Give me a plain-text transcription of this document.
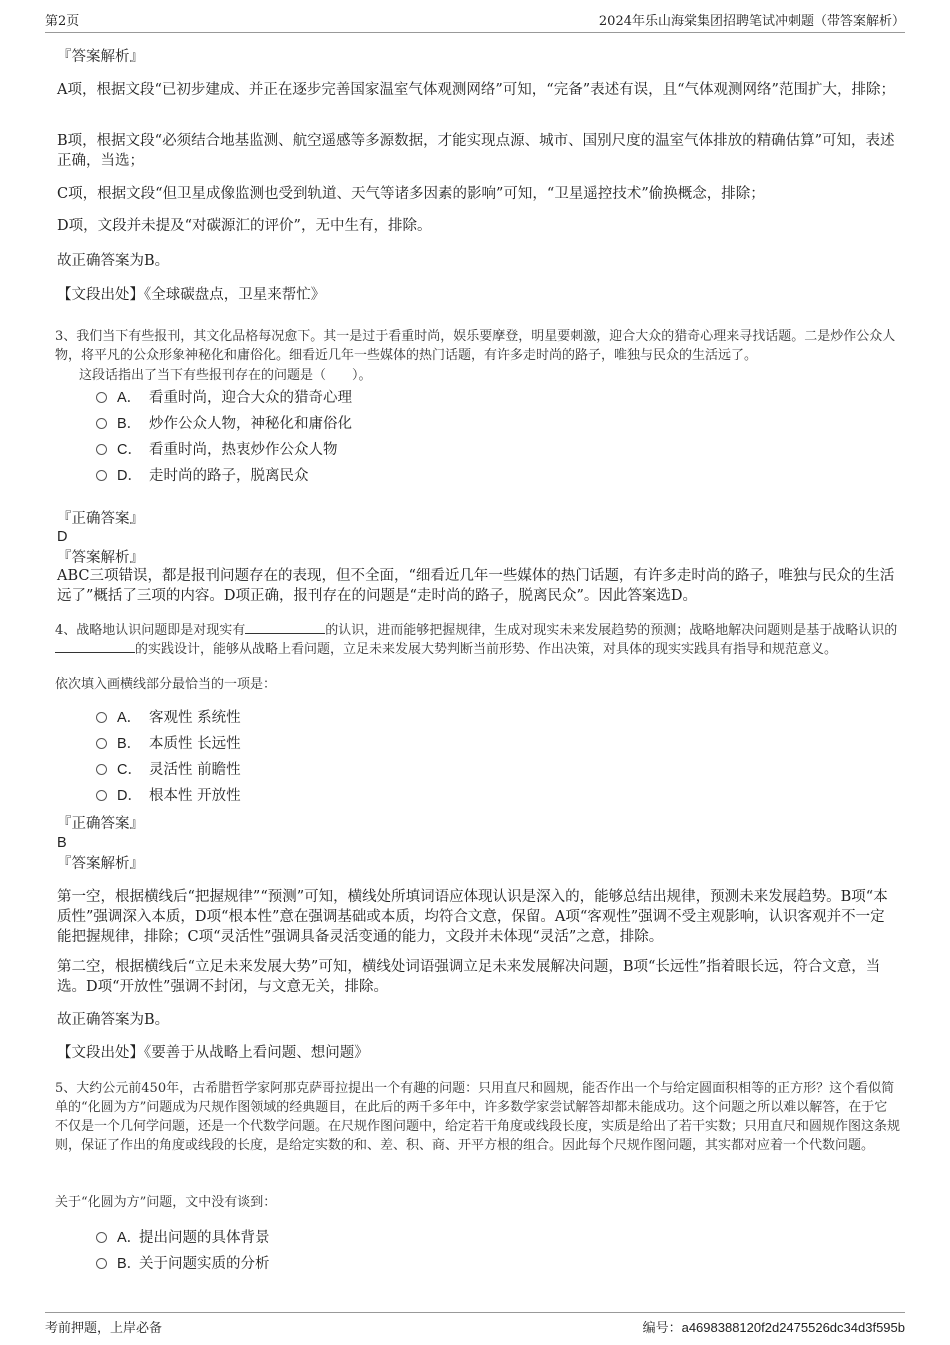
第2页	2024年乐山海棠集团招聘笔试冲刺题（带答案解析）
『答案解析』
A项，根据文段“已初步建成、并正在逐步完善国家温室气体观测网络”可知，“完备”表述有误，且“气体观测网络”范围扩大，排除；
B项，根据文段“必须结合地基监测、航空遥感等多源数据，才能实现点源、城市、国别尺度的温室气体排放的精确估算”可知，表述正确，当选；
C项，根据文段“但卫星成像监测也受到轨道、天气等诸多因素的影响”可知，“卫星遥控技术”偷换概念，排除；
D项，文段并未提及“对碳源汇的评价”，无中生有，排除。
故正确答案为B。
【文段出处】《全球碳盘点，卫星来帮忙》
3、我们当下有些报刊，其文化品格每况愈下。其一是过于看重时尚，娱乐要摩登，明星要刺激，迎合大众的猎奇心理来寻找话题。二是炒作公众人物，将平凡的公众形象神秘化和庸俗化。细看近几年一些媒体的热门话题，有许多走时尚的路子，唯独与民众的生活远了。
这段话指出了当下有些报刊存在的问题是（　　）。
A． 看重时尚，迎合大众的猎奇心理
B． 炒作公众人物，神秘化和庸俗化
C． 看重时尚，热衷炒作公众人物
D． 走时尚的路子，脱离民众
『正确答案』
D
『答案解析』
ABC三项错误，都是报刊问题存在的表现，但不全面，“细看近几年一些媒体的热门话题，有许多走时尚的路子，唯独与民众的生活远了”概括了三项的内容。D项正确，报刊存在的问题是“走时尚的路子，脱离民众”。因此答案选D。
4、战略地认识问题即是对现实有	的认识，进而能够把握规律，生成对现实未来发展趋势的预测；战略地解决问题则是基于战略认识的的实践设计，能够从战略上看问题，立足未来发展大势判断当前形势、作出决策，对具体的现实实践具有指导和规范意义。
依次填入画横线部分最恰当的一项是：
A． 客观性 系统性
B． 本质性 长远性
C． 灵活性 前瞻性
D． 根本性 开放性
『正确答案』
B
『答案解析』
第一空，根据横线后“把握规律”“预测”可知，横线处所填词语应体现认识是深入的，能够总结出规律，预测未来发展趋势。B项“本质性”强调深入本质，D项“根本性”意在强调基础或本质，均符合文意，保留。A项“客观性”强调不受主观影响，认识客观并不一定能把握规律，排除；C项“灵活性”强调具备灵活变通的能力，文段并未体现“灵活”之意，排除。
第二空，根据横线后“立足未来发展大势”可知，横线处词语强调立足未来发展解决问题，B项“长远性”指着眼长远，符合文意，当选。D项“开放性”强调不封闭，与文意无关，排除。
故正确答案为B。
【文段出处】《要善于从战略上看问题、想问题》
5、大约公元前450年，古希腊哲学家阿那克萨哥拉提出一个有趣的问题：只用直尺和圆规，能否作出一个与给定圆面积相等的正方形？这个看似简单的“化圆为方”问题成为尺规作图领域的经典题目，在此后的两千多年中，许多数学家尝试解答却都未能成功。这个问题之所以难以解答，在于它不仅是一个几何学问题，还是一个代数学问题。在尺规作图问题中，给定若干角度或线段长度，实质是给出了若干实数；只用直尺和圆规作图这条规则，保证了作出的角度或线段的长度，是给定实数的和、差、积、商、开平方根的组合。因此每个尺规作图问题，其实都对应着一个代数问题。
关于“化圆为方”问题，文中没有谈到：
A．提出问题的具体背景
B．关于问题实质的分析
考前押题，上岸必备	编号：a4698388120f2d2475526dc34d3f595b
